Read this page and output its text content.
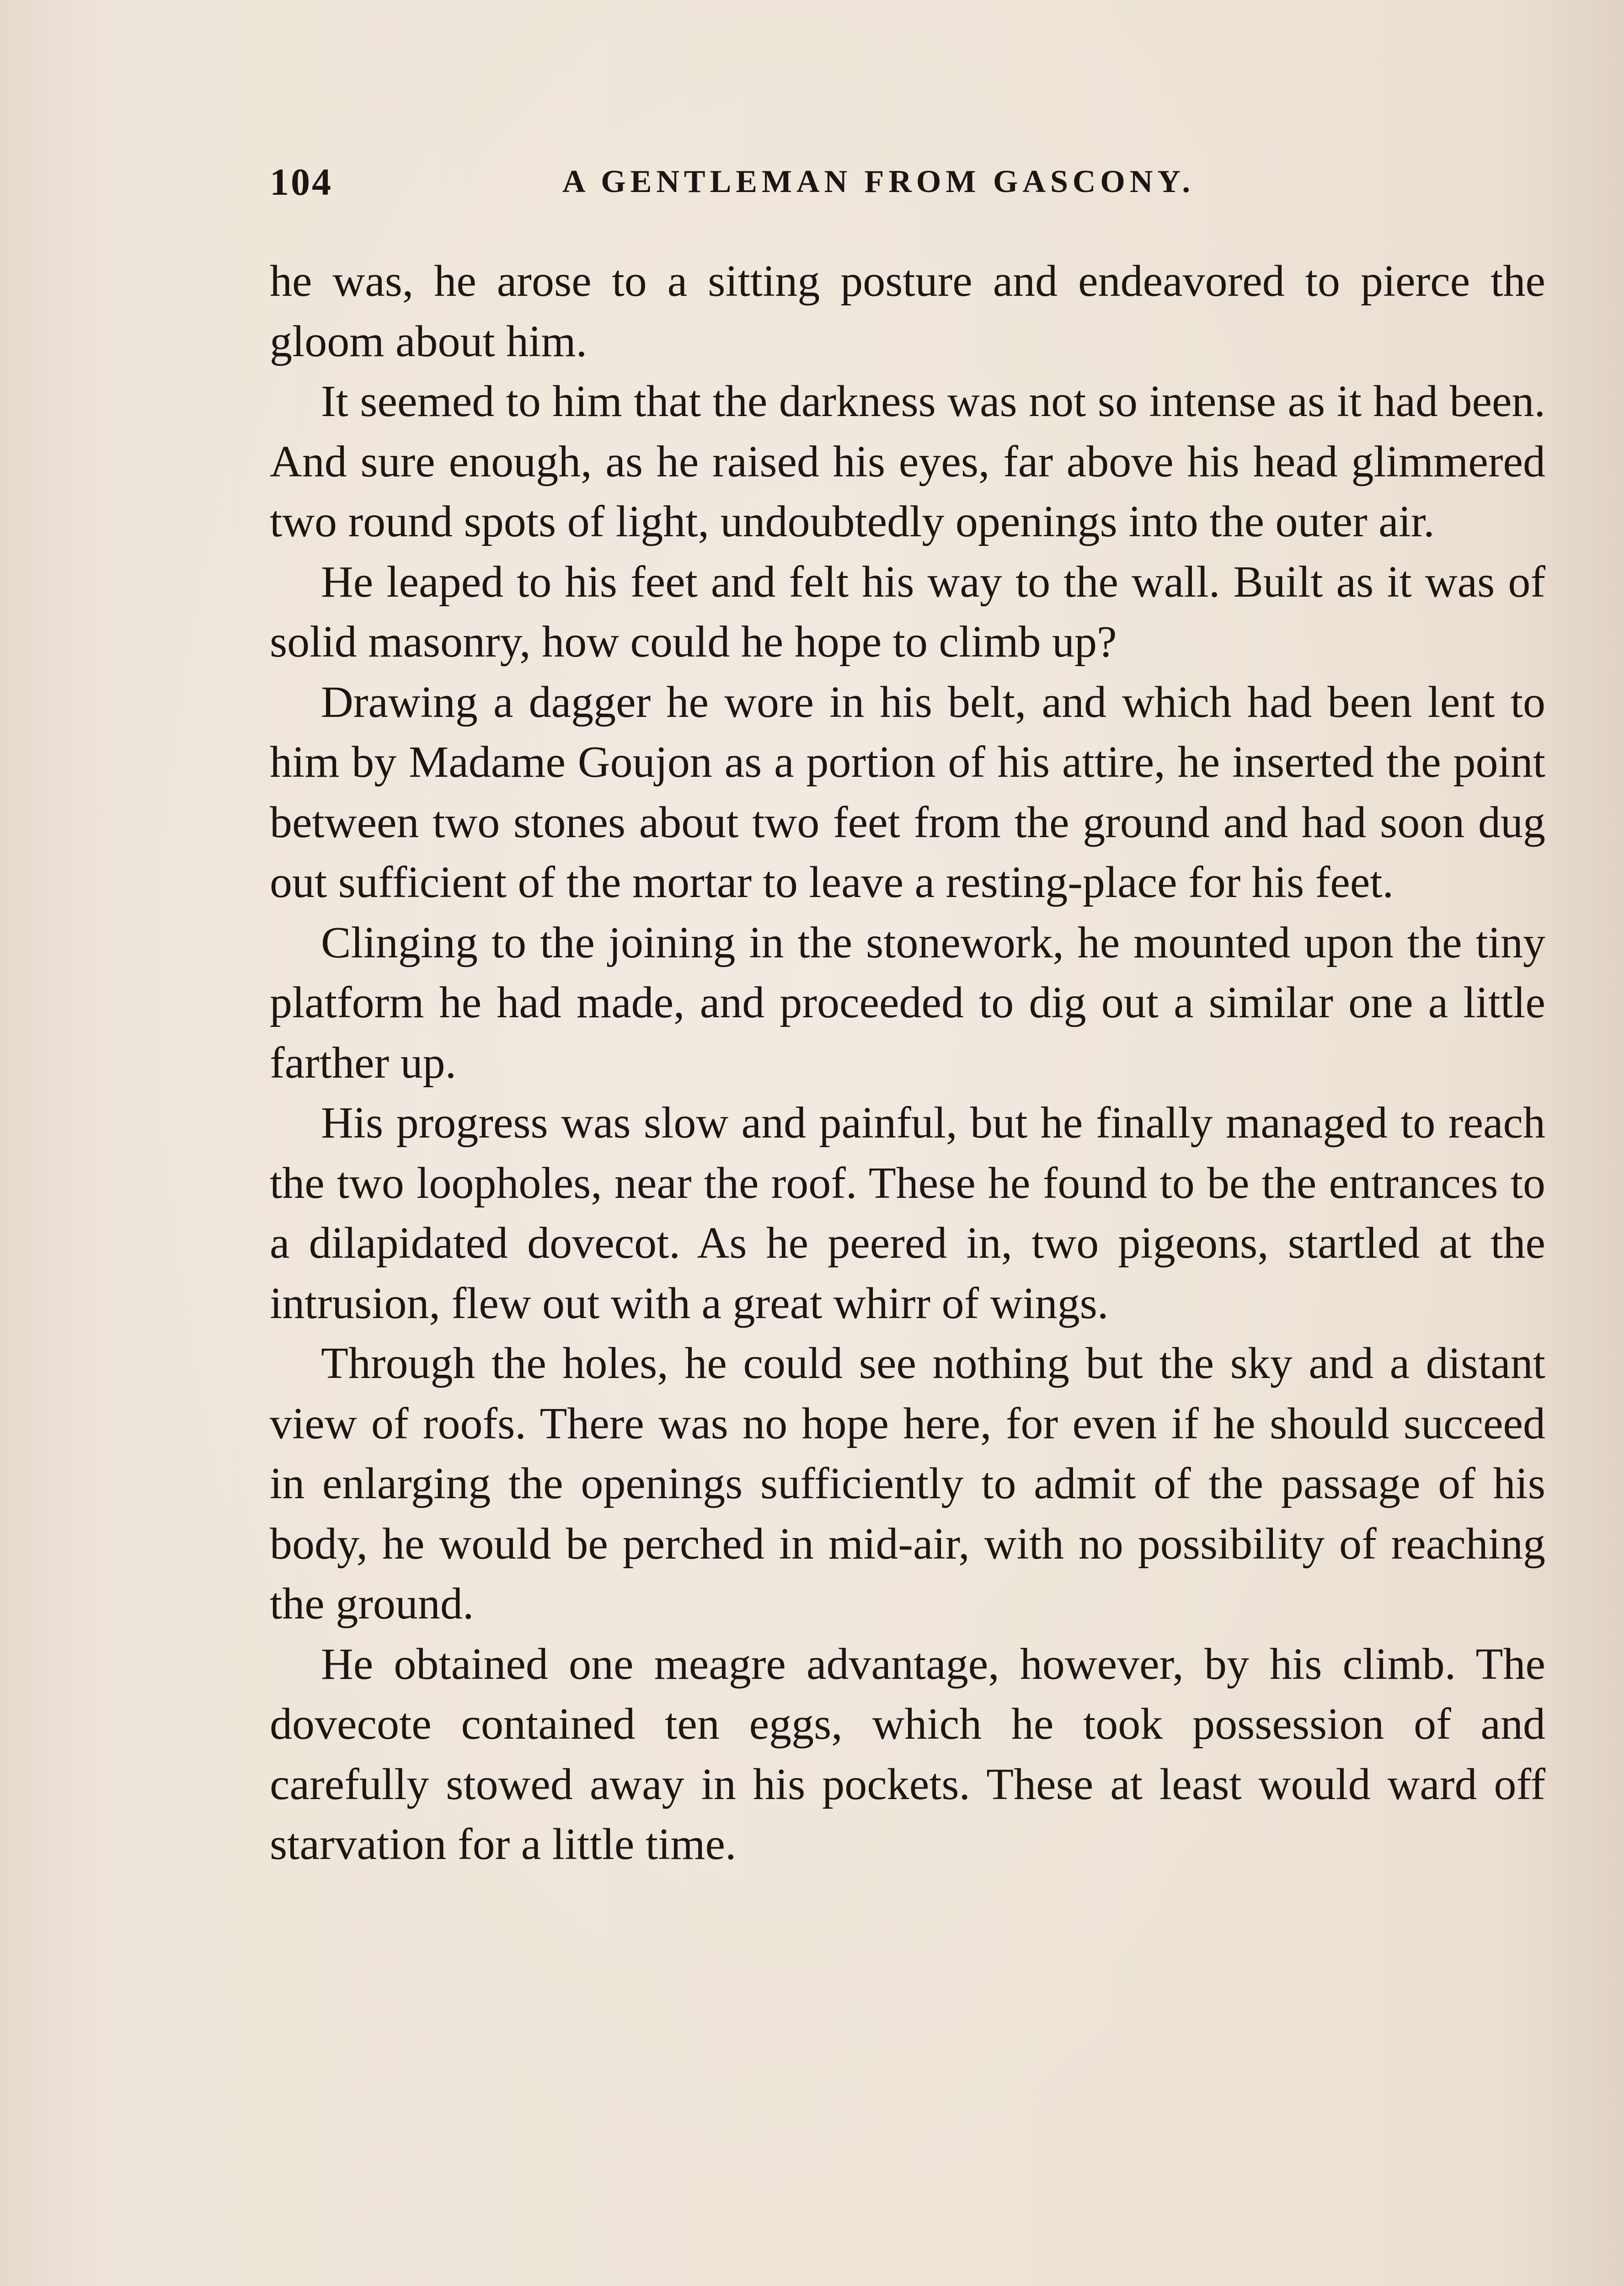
104	A GENTLEMAN FROM GASCONY.

he was, he arose to a sitting posture and endeavored to pierce the gloom about him.

It seemed to him that the darkness was not so intense as it had been. And sure enough, as he raised his eyes, far above his head glimmered two round spots of light, undoubtedly openings into the outer air.

He leaped to his feet and felt his way to the wall. Built as it was of solid masonry, how could he hope to climb up?

Drawing a dagger he wore in his belt, and which had been lent to him by Madame Goujon as a portion of his attire, he inserted the point between two stones about two feet from the ground and had soon dug out sufficient of the mortar to leave a resting-place for his feet.

Clinging to the joining in the stonework, he mounted upon the tiny platform he had made, and proceeded to dig out a similar one a little farther up.

His progress was slow and painful, but he finally managed to reach the two loopholes, near the roof. These he found to be the entrances to a dilapidated dovecot. As he peered in, two pigeons, startled at the intrusion, flew out with a great whirr of wings.

Through the holes, he could see nothing but the sky and a distant view of roofs. There was no hope here, for even if he should succeed in enlarging the openings sufficiently to admit of the passage of his body, he would be perched in mid-air, with no possibility of reaching the ground.

He obtained one meagre advantage, however, by his climb. The dovecote contained ten eggs, which he took possession of and carefully stowed away in his pockets. These at least would ward off starvation for a little time.
